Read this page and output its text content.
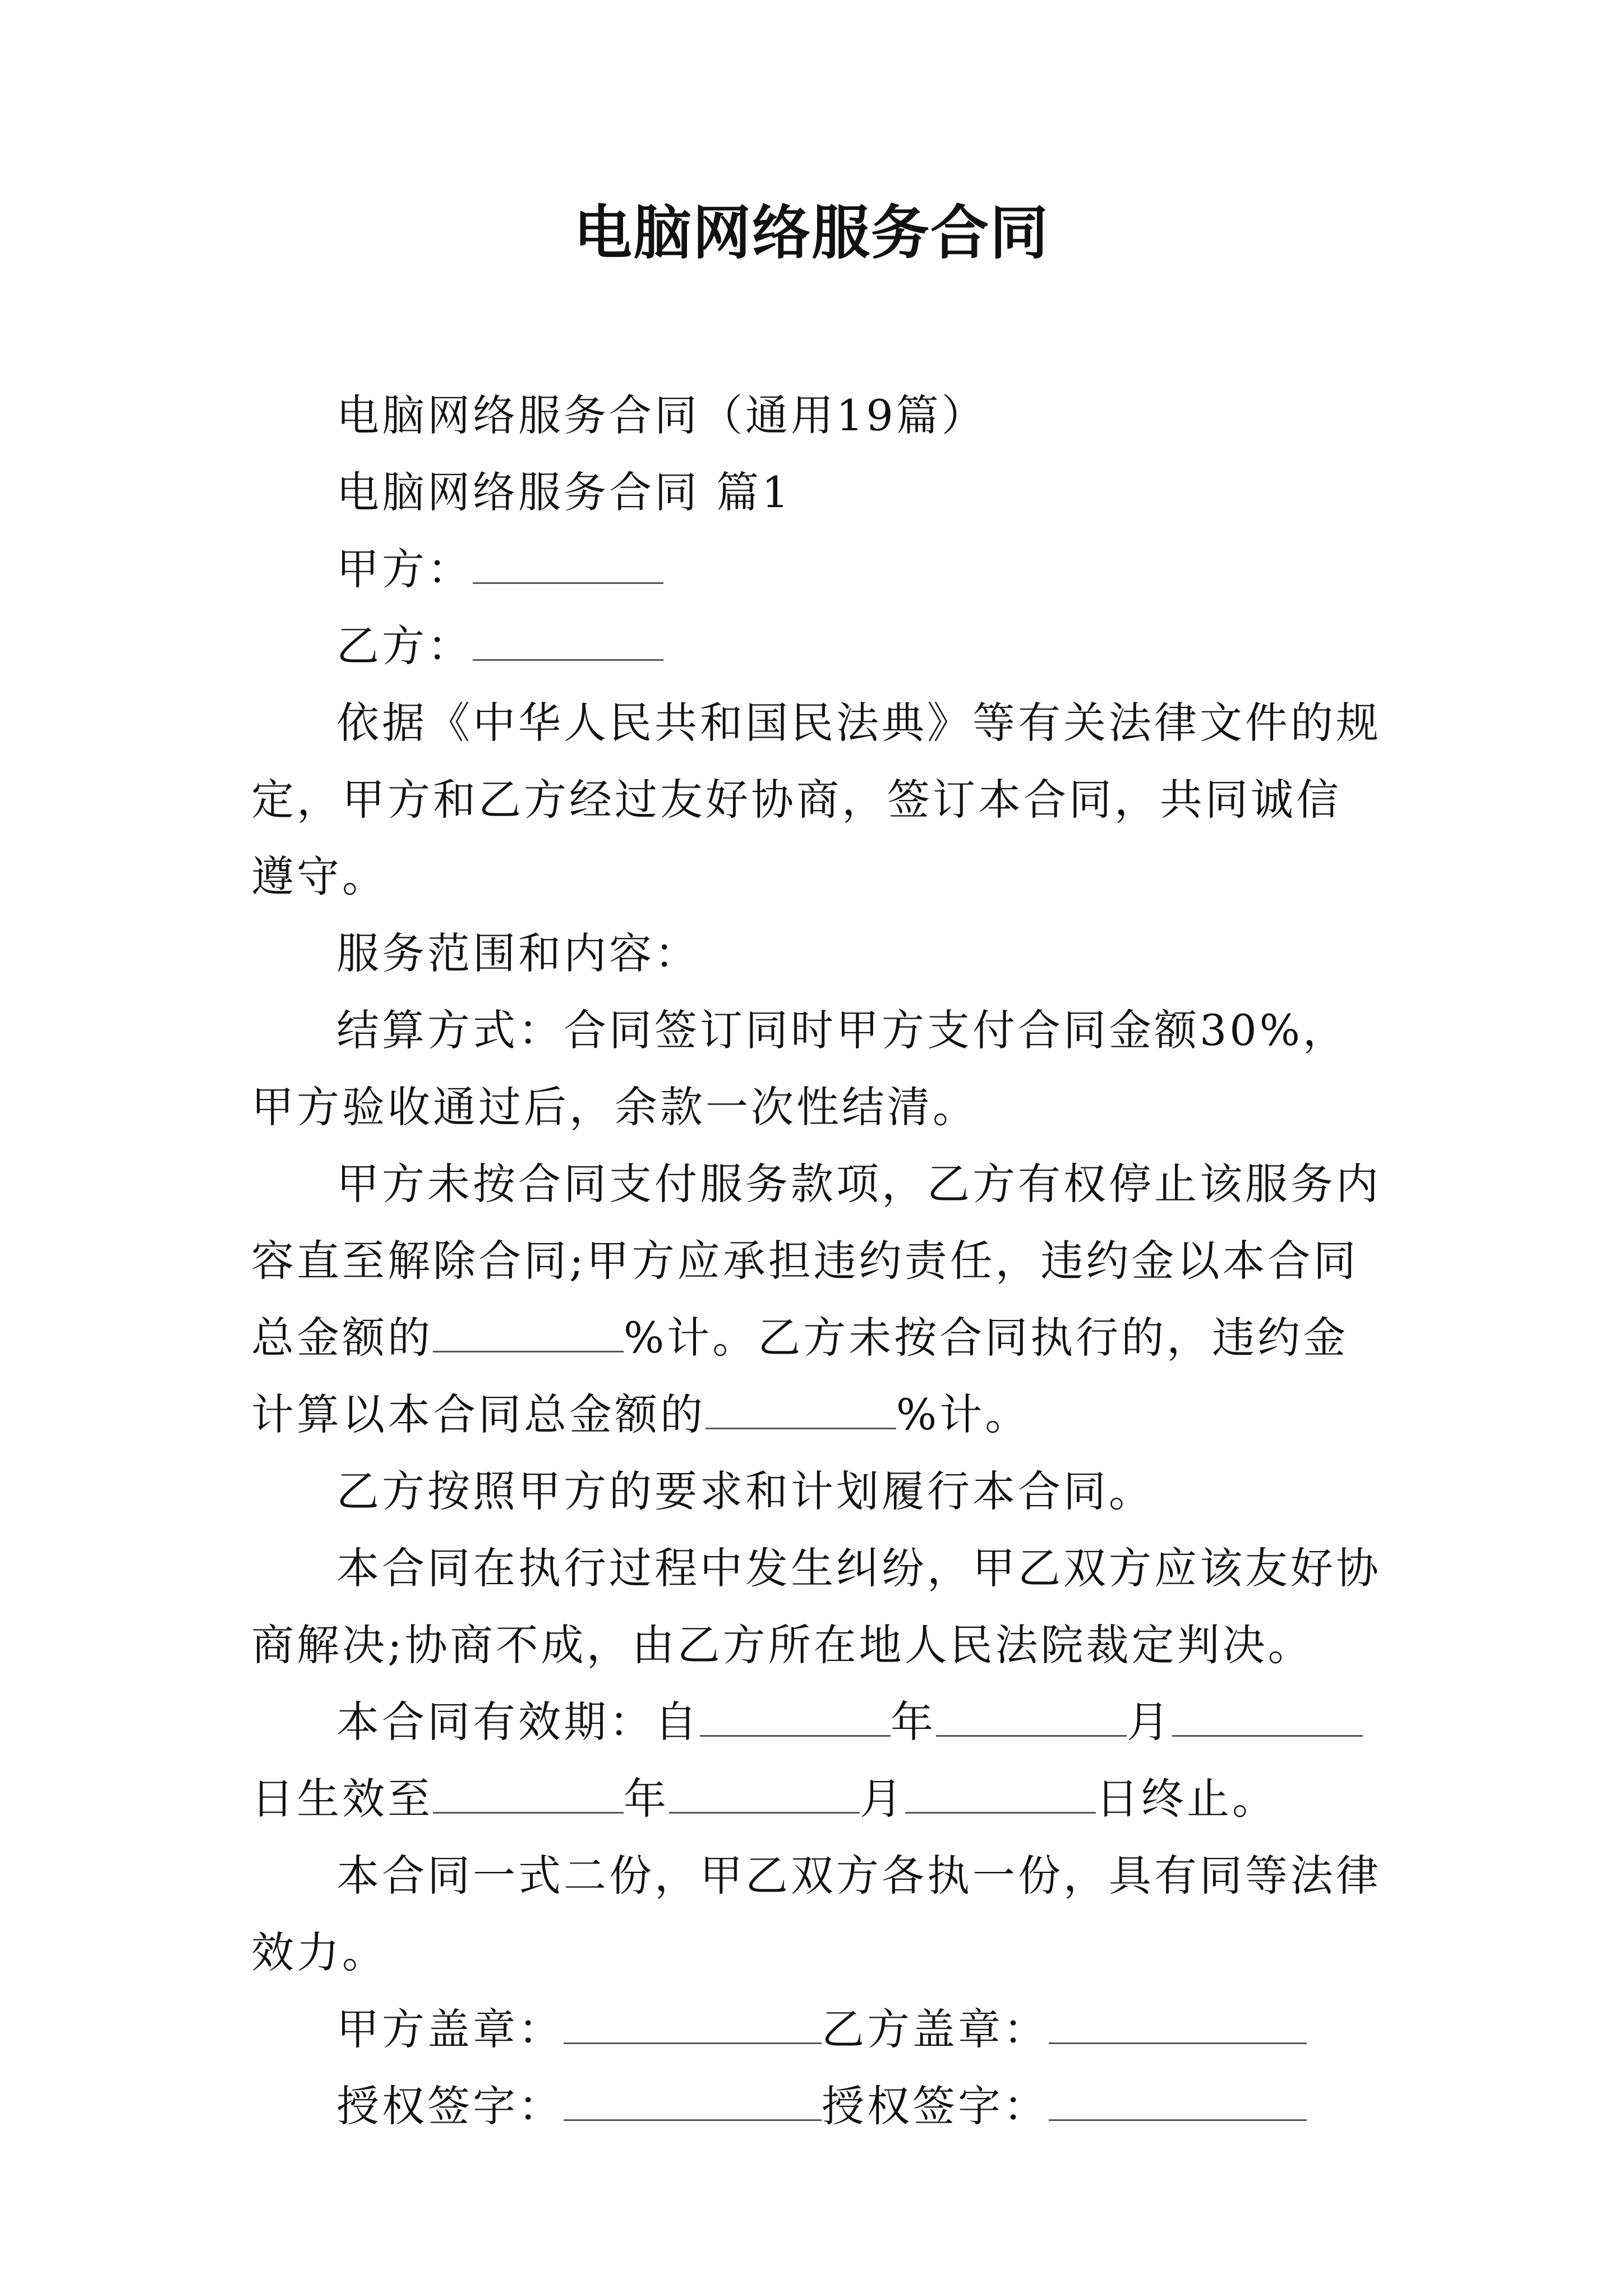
电脑网络服务合同
电脑网络服务合同（通用19篇）
电脑网络服务合同 篇1
甲方：
乙方：
依据《中华人民共和国民法典》等有关法律文件的规定，甲方和乙方经过友好协商，签订本合同，共同诚信遵守。
服务范围和内容：
结算方式：合同签订同时甲方支付合同金额30%，甲方验收通过后，余款一次性结清。
甲方未按合同支付服务款项，乙方有权停止该服务内容直至解除合同;甲方应承担违约责任，违约金以本合同总金额的	%计。乙方未按合同执行的，违约金计算以本合同总金额的	%计。
乙方按照甲方的要求和计划履行本合同。
本合同在执行过程中发生纠纷，甲乙双方应该友好协商解决;协商不成，由乙方所在地人民法院裁定判决。
本合同有效期：自	年	月日生效至	年	月	日终止。
本合同一式二份，甲乙双方各执一份，具有同等法律效力。
甲方盖章：	乙方盖章：
授权签字：	授权签字：
